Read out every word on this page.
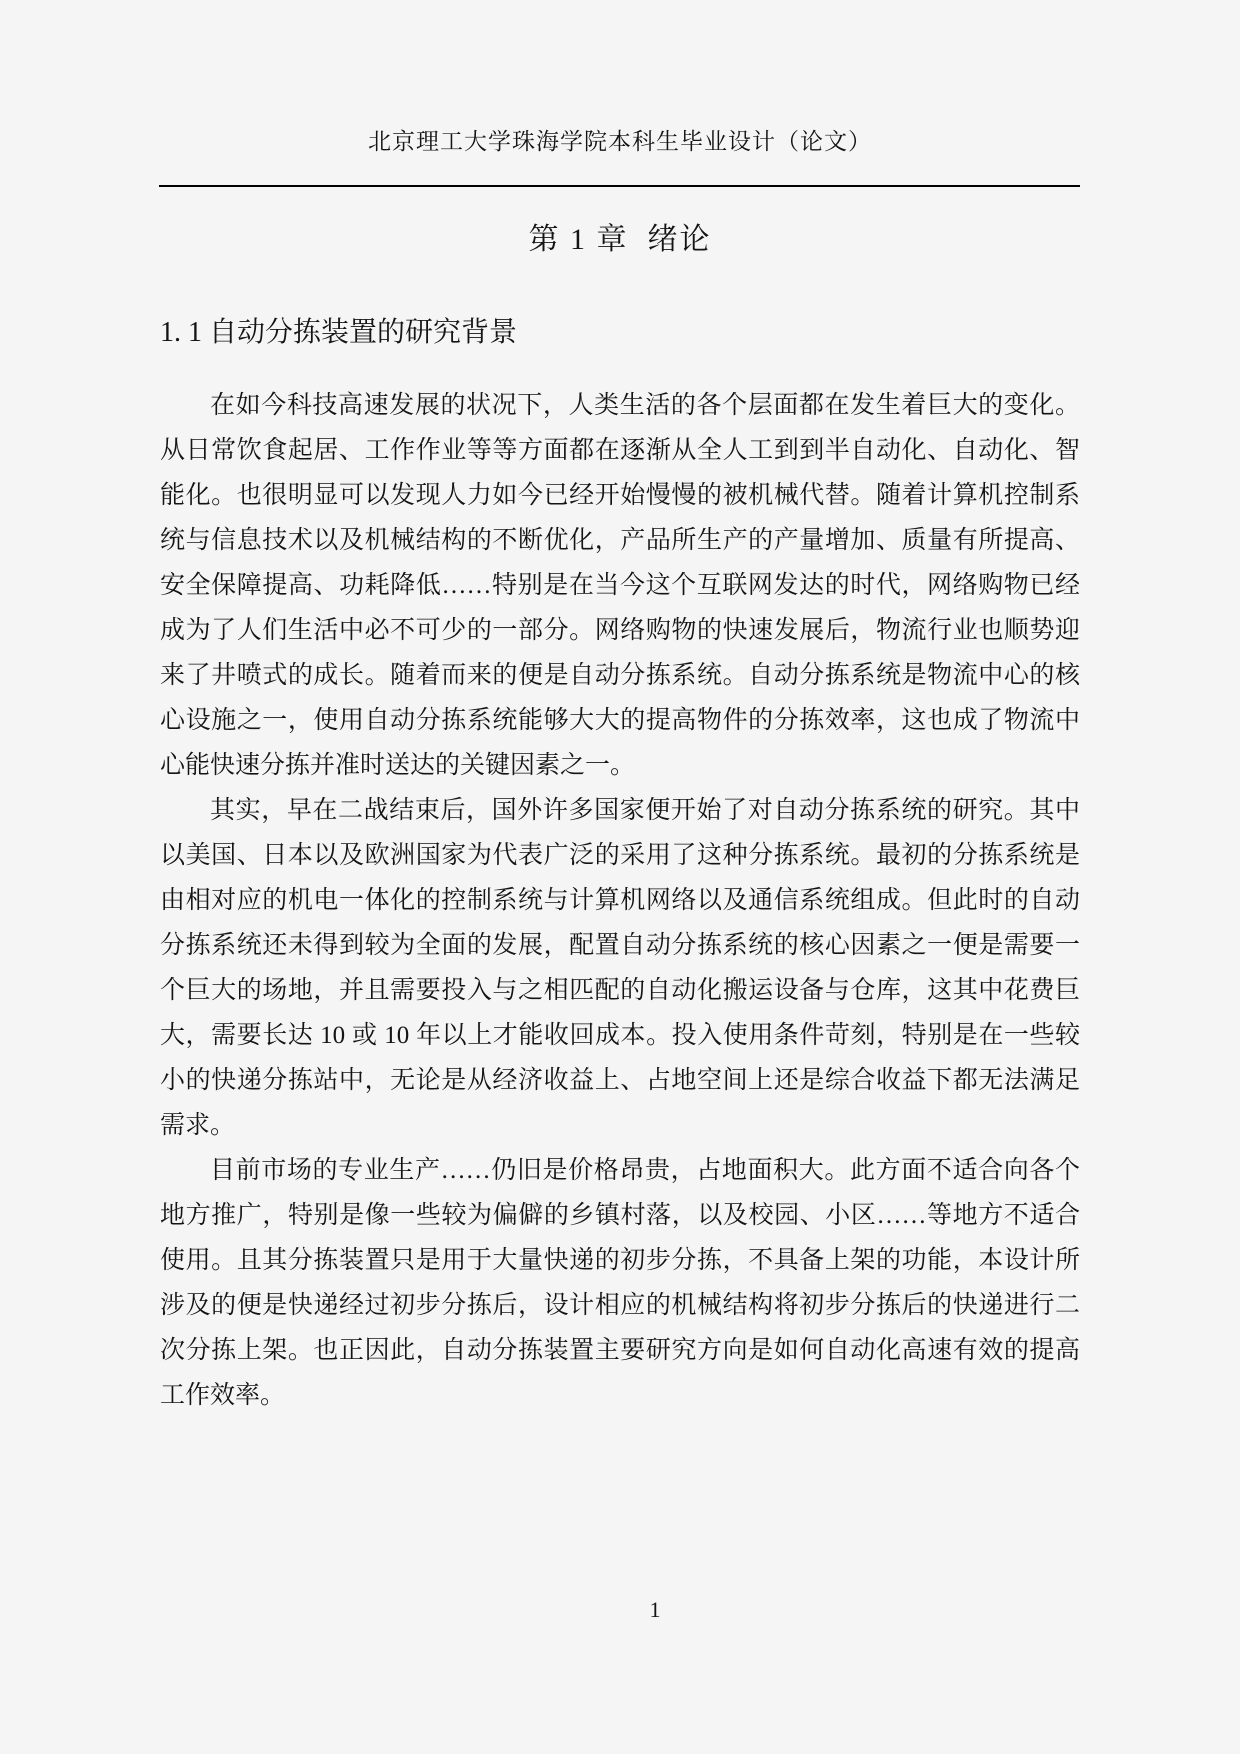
北京理工大学珠海学院本科生毕业设计（论文）
第 1 章  绪论
1. 1 自动分拣装置的研究背景
在如今科技高速发展的状况下，人类生活的各个层面都在发生着巨大的变化。
从日常饮食起居、工作作业等等方面都在逐渐从全人工到到半自动化、自动化、智
能化。也很明显可以发现人力如今已经开始慢慢的被机械代替。随着计算机控制系
统与信息技术以及机械结构的不断优化，产品所生产的产量增加、质量有所提高、
安全保障提高、功耗降低……特别是在当今这个互联网发达的时代，网络购物已经
成为了人们生活中必不可少的一部分。网络购物的快速发展后，物流行业也顺势迎
来了井喷式的成长。随着而来的便是自动分拣系统。自动分拣系统是物流中心的核
心设施之一，使用自动分拣系统能够大大的提高物件的分拣效率，这也成了物流中
心能快速分拣并准时送达的关键因素之一。
其实，早在二战结束后，国外许多国家便开始了对自动分拣系统的研究。其中
以美国、日本以及欧洲国家为代表广泛的采用了这种分拣系统。最初的分拣系统是
由相对应的机电一体化的控制系统与计算机网络以及通信系统组成。但此时的自动
分拣系统还未得到较为全面的发展，配置自动分拣系统的核心因素之一便是需要一
个巨大的场地，并且需要投入与之相匹配的自动化搬运设备与仓库，这其中花费巨
大，需要长达 10 或 10 年以上才能收回成本。投入使用条件苛刻，特别是在一些较
小的快递分拣站中，无论是从经济收益上、占地空间上还是综合收益下都无法满足
需求。
目前市场的专业生产……仍旧是价格昂贵，占地面积大。此方面不适合向各个
地方推广，特别是像一些较为偏僻的乡镇村落，以及校园、小区……等地方不适合
使用。且其分拣装置只是用于大量快递的初步分拣，不具备上架的功能，本设计所
涉及的便是快递经过初步分拣后，设计相应的机械结构将初步分拣后的快递进行二
次分拣上架。也正因此，自动分拣装置主要研究方向是如何自动化高速有效的提高
工作效率。
1
